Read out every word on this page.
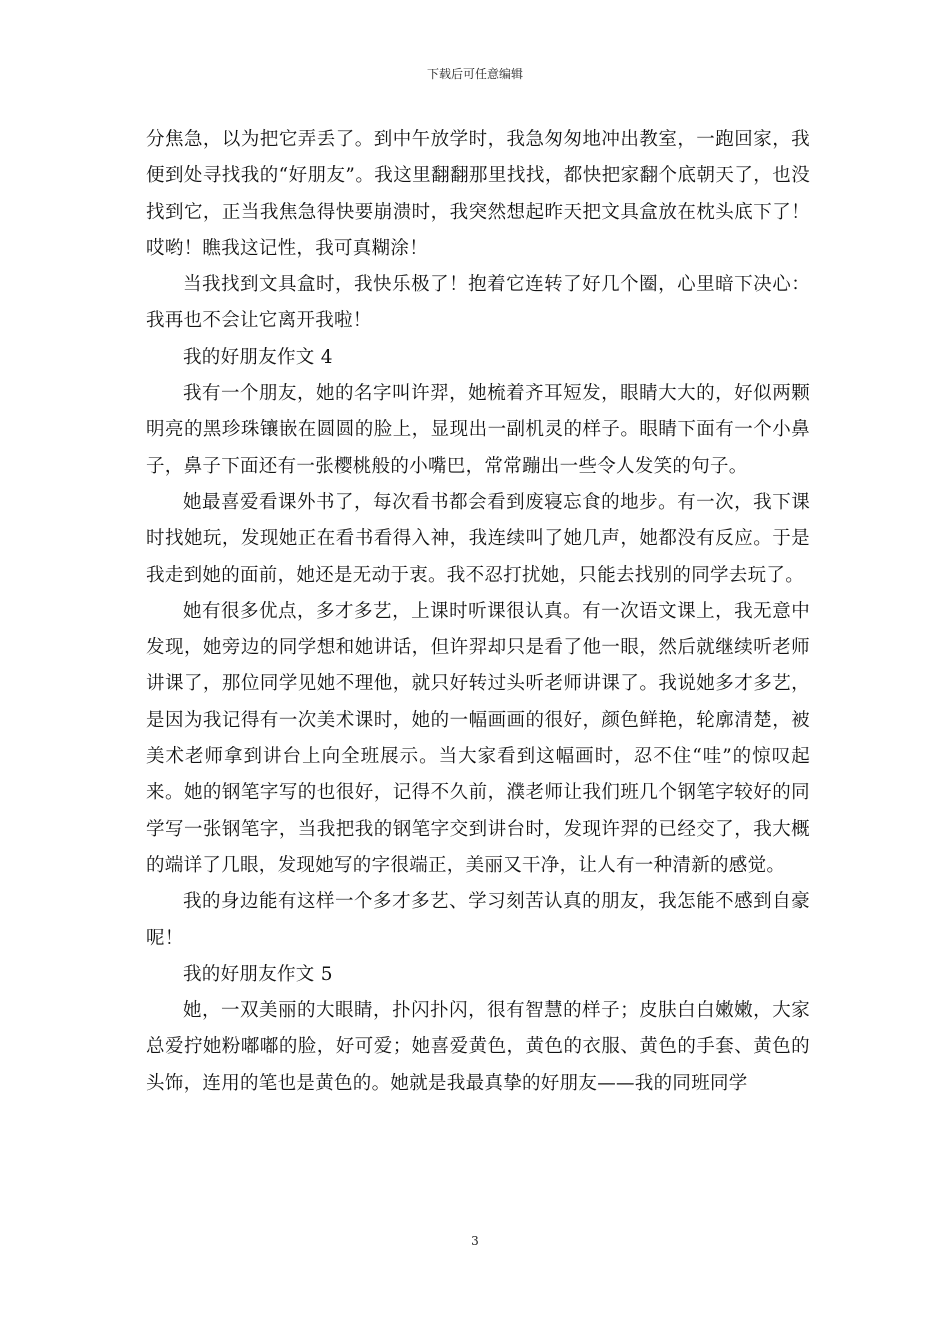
下载后可任意编辑

分焦急，以为把它弄丢了。到中午放学时，我急匆匆地冲出教室，一跑回家，我便到处寻找我的“好朋友”。我这里翻翻那里找找，都快把家翻个底朝天了，也没找到它，正当我焦急得快要崩溃时，我突然想起昨天把文具盒放在枕头底下了！哎哟！瞧我这记性，我可真糊涂！

当我找到文具盒时，我快乐极了！抱着它连转了好几个圈，心里暗下决心：我再也不会让它离开我啦！

我的好朋友作文 4

我有一个朋友，她的名字叫许羿，她梳着齐耳短发，眼睛大大的，好似两颗明亮的黑珍珠镶嵌在圆圆的脸上，显现出一副机灵的样子。眼睛下面有一个小鼻子，鼻子下面还有一张樱桃般的小嘴巴，常常蹦出一些令人发笑的句子。

她最喜爱看课外书了，每次看书都会看到废寝忘食的地步。有一次，我下课时找她玩，发现她正在看书看得入神，我连续叫了她几声，她都没有反应。于是我走到她的面前，她还是无动于衷。我不忍打扰她，只能去找别的同学去玩了。

她有很多优点，多才多艺，上课时听课很认真。有一次语文课上，我无意中发现，她旁边的同学想和她讲话，但许羿却只是看了他一眼，然后就继续听老师讲课了，那位同学见她不理他，就只好转过头听老师讲课了。我说她多才多艺，是因为我记得有一次美术课时，她的一幅画画的很好，颜色鲜艳，轮廓清楚，被美术老师拿到讲台上向全班展示。当大家看到这幅画时，忍不住“哇”的惊叹起来。她的钢笔字写的也很好，记得不久前，濮老师让我们班几个钢笔字较好的同学写一张钢笔字，当我把我的钢笔字交到讲台时，发现许羿的已经交了，我大概的端详了几眼，发现她写的字很端正，美丽又干净，让人有一种清新的感觉。

我的身边能有这样一个多才多艺、学习刻苦认真的朋友，我怎能不感到自豪呢！

我的好朋友作文 5

她，一双美丽的大眼睛，扑闪扑闪，很有智慧的样子；皮肤白白嫩嫩，大家总爱拧她粉嘟嘟的脸，好可爱；她喜爱黄色，黄色的衣服、黄色的手套、黄色的头饰，连用的笔也是黄色的。她就是我最真挚的好朋友——我的同班同学

3
